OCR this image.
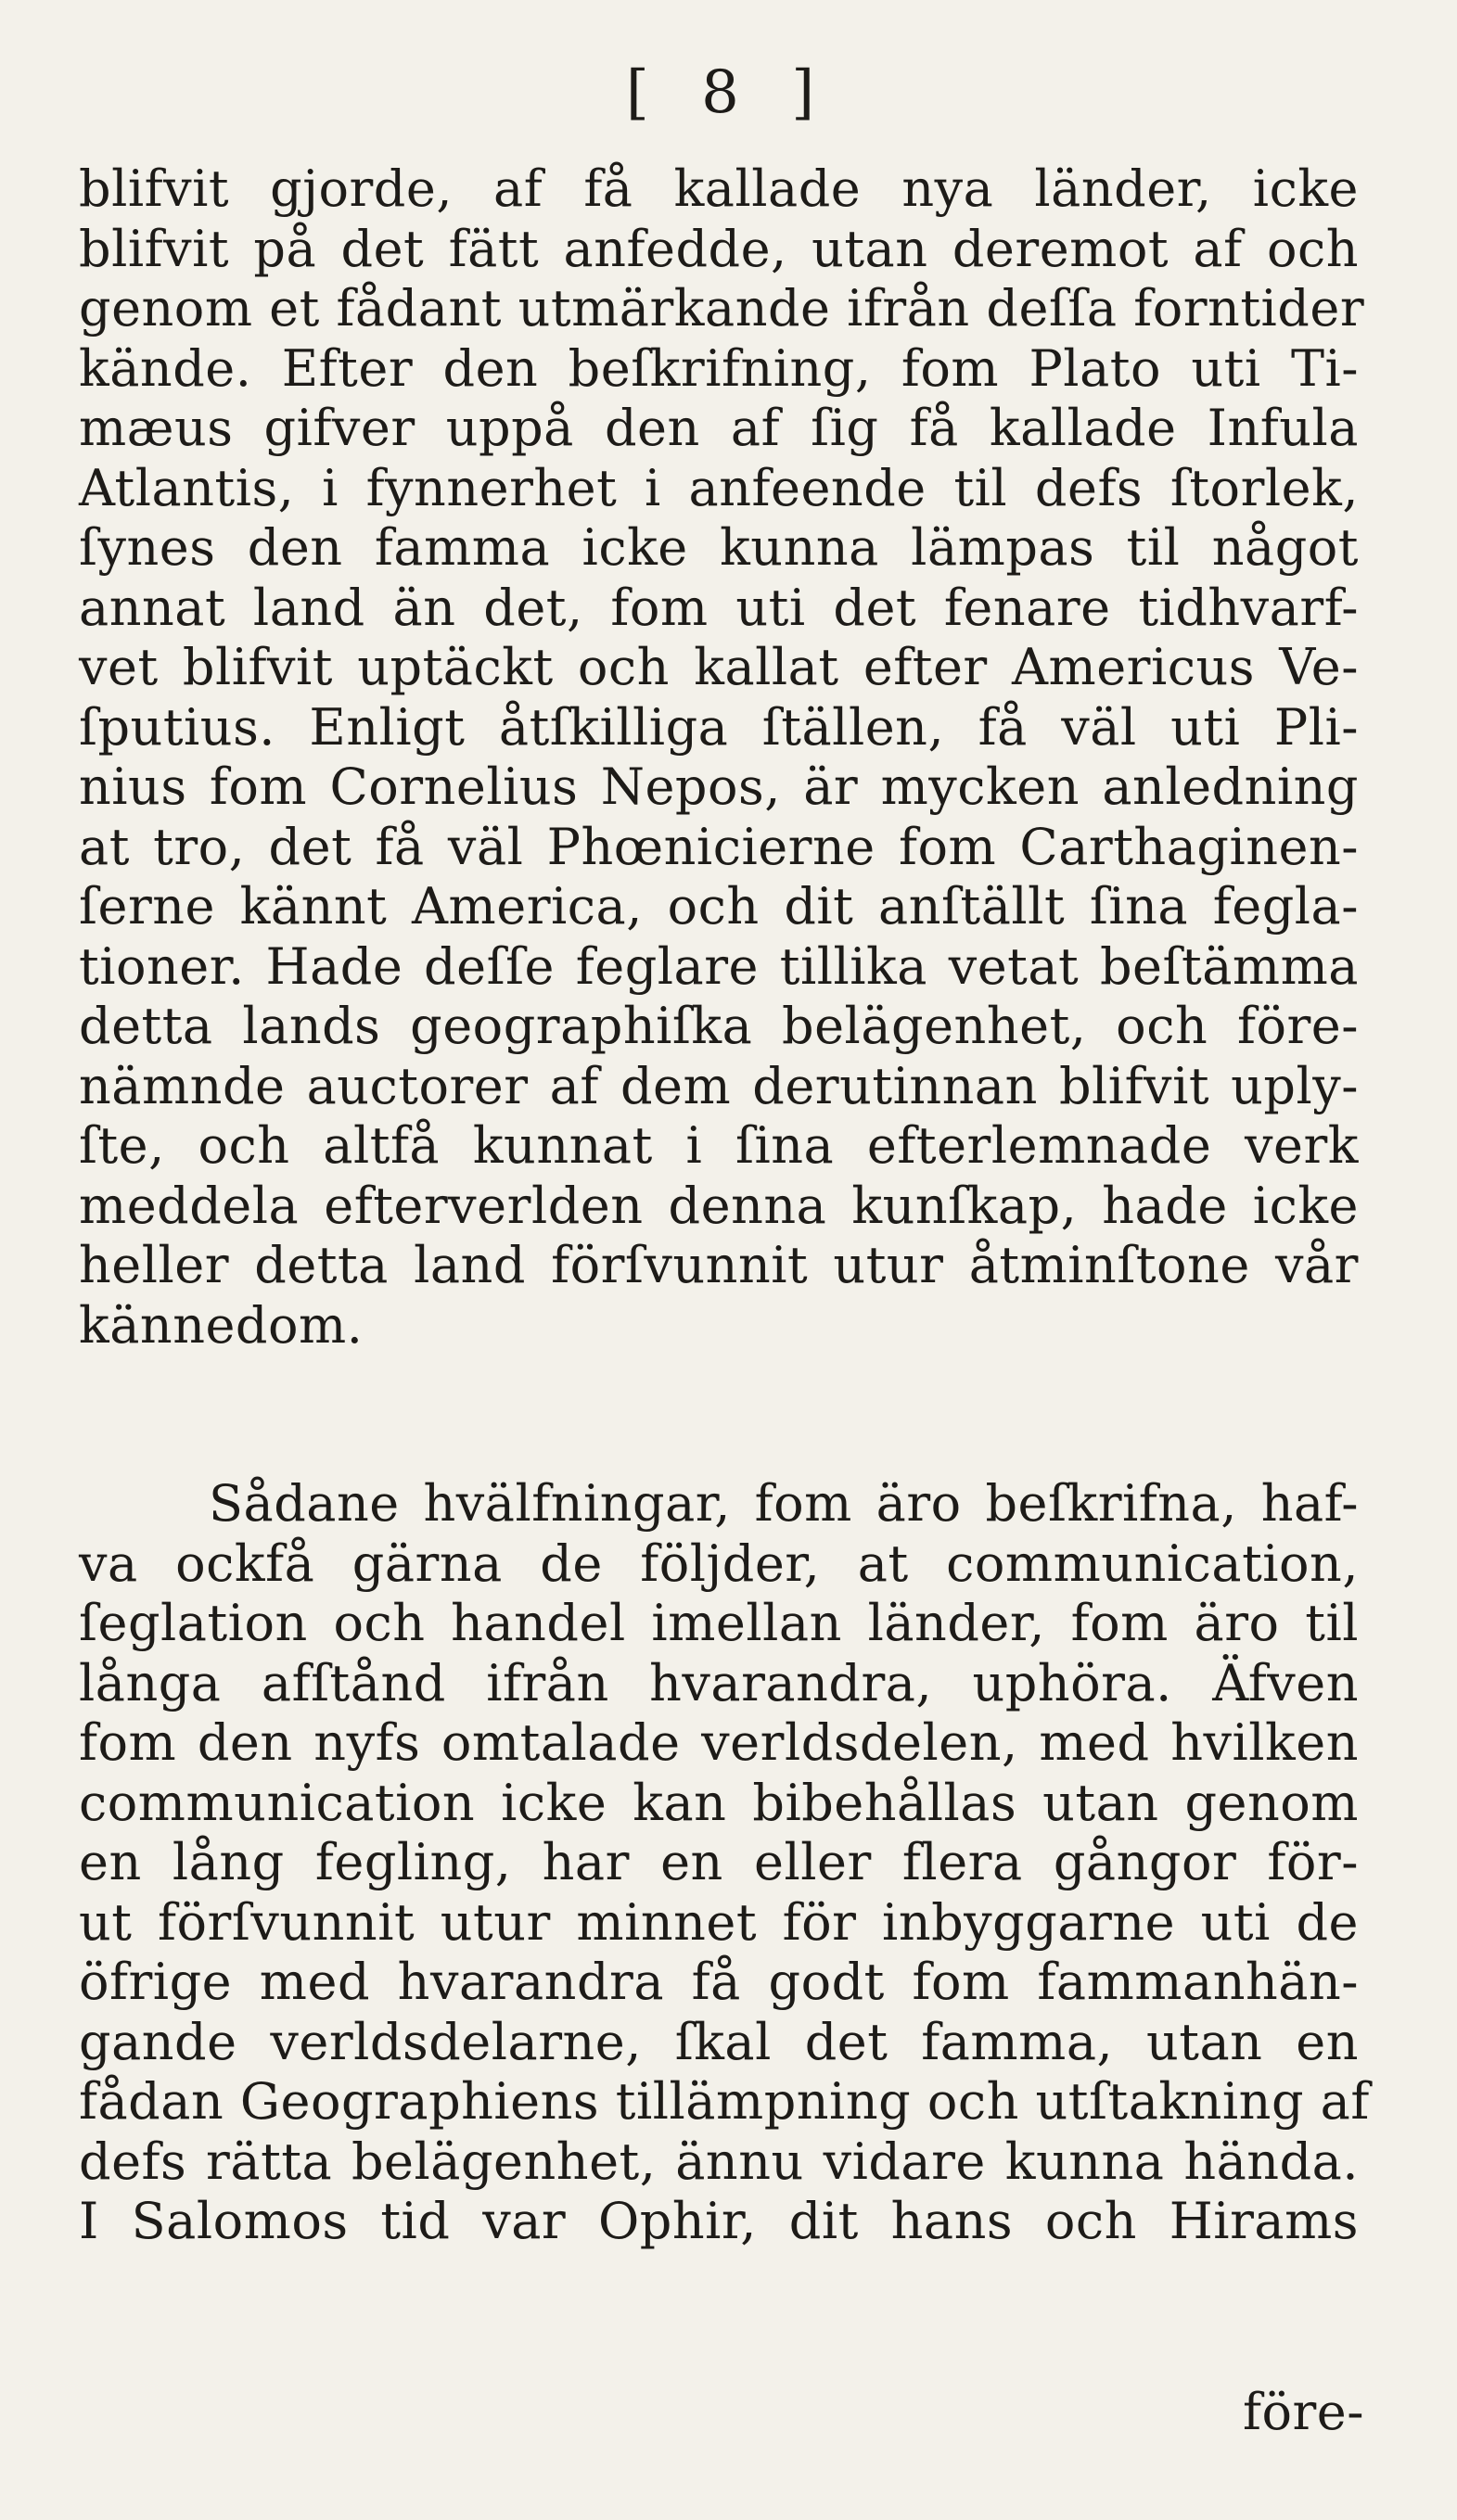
[ 8 ]
blifvit gjorde, af få kallade nya länder, icke
blifvit på det fätt anfedde, utan deremot af och
genom et fådant utmärkande ifrån deſſa forntider
kände. Efter den beſkrifning, fom Plato uti Ti-
mæus gifver uppå den af ſig få kallade Infula
Atlantis, i fynnerhet i anfeende til defs ſtorlek,
ſynes den famma icke kunna lämpas til något
annat land än det, fom uti det fenare tidhvarf-
vet blifvit uptäckt och kallat efter Americus Ve-
ſputius. Enligt åtſkilliga ſtällen, få väl uti Pli-
nius fom Cornelius Nepos, är mycken anledning
at tro, det få väl Phœnicierne fom Carthaginen-
ſerne kännt America, och dit anſtällt ſina fegla-
tioner. Hade deſſe feglare tillika vetat beſtämma
detta lands geographiſka belägenhet, och före-
nämnde auctorer af dem derutinnan blifvit uply-
ſte, och altfå kunnat i ſina efterlemnade verk
meddela efterverlden denna kunſkap, hade icke
heller detta land förſvunnit utur åtminſtone vår
kännedom.
Sådane hvälfningar, fom äro beſkrifna, haf-
va ockfå gärna de följder, at communication,
ſeglation och handel imellan länder, fom äro til
långa afſtånd ifrån hvarandra, uphöra. Äfven
fom den nyfs omtalade verldsdelen, med hvilken
communication icke kan bibehållas utan genom
en lång fegling, har en eller flera gångor för-
ut förſvunnit utur minnet för inbyggarne uti de
öfrige med hvarandra få godt fom fammanhän-
gande verldsdelarne, ſkal det famma, utan en
fådan Geographiens tillämpning och utſtakning af
defs rätta belägenhet, ännu vidare kunna hända.
I Salomos tid var Ophir, dit hans och Hirams
före-
